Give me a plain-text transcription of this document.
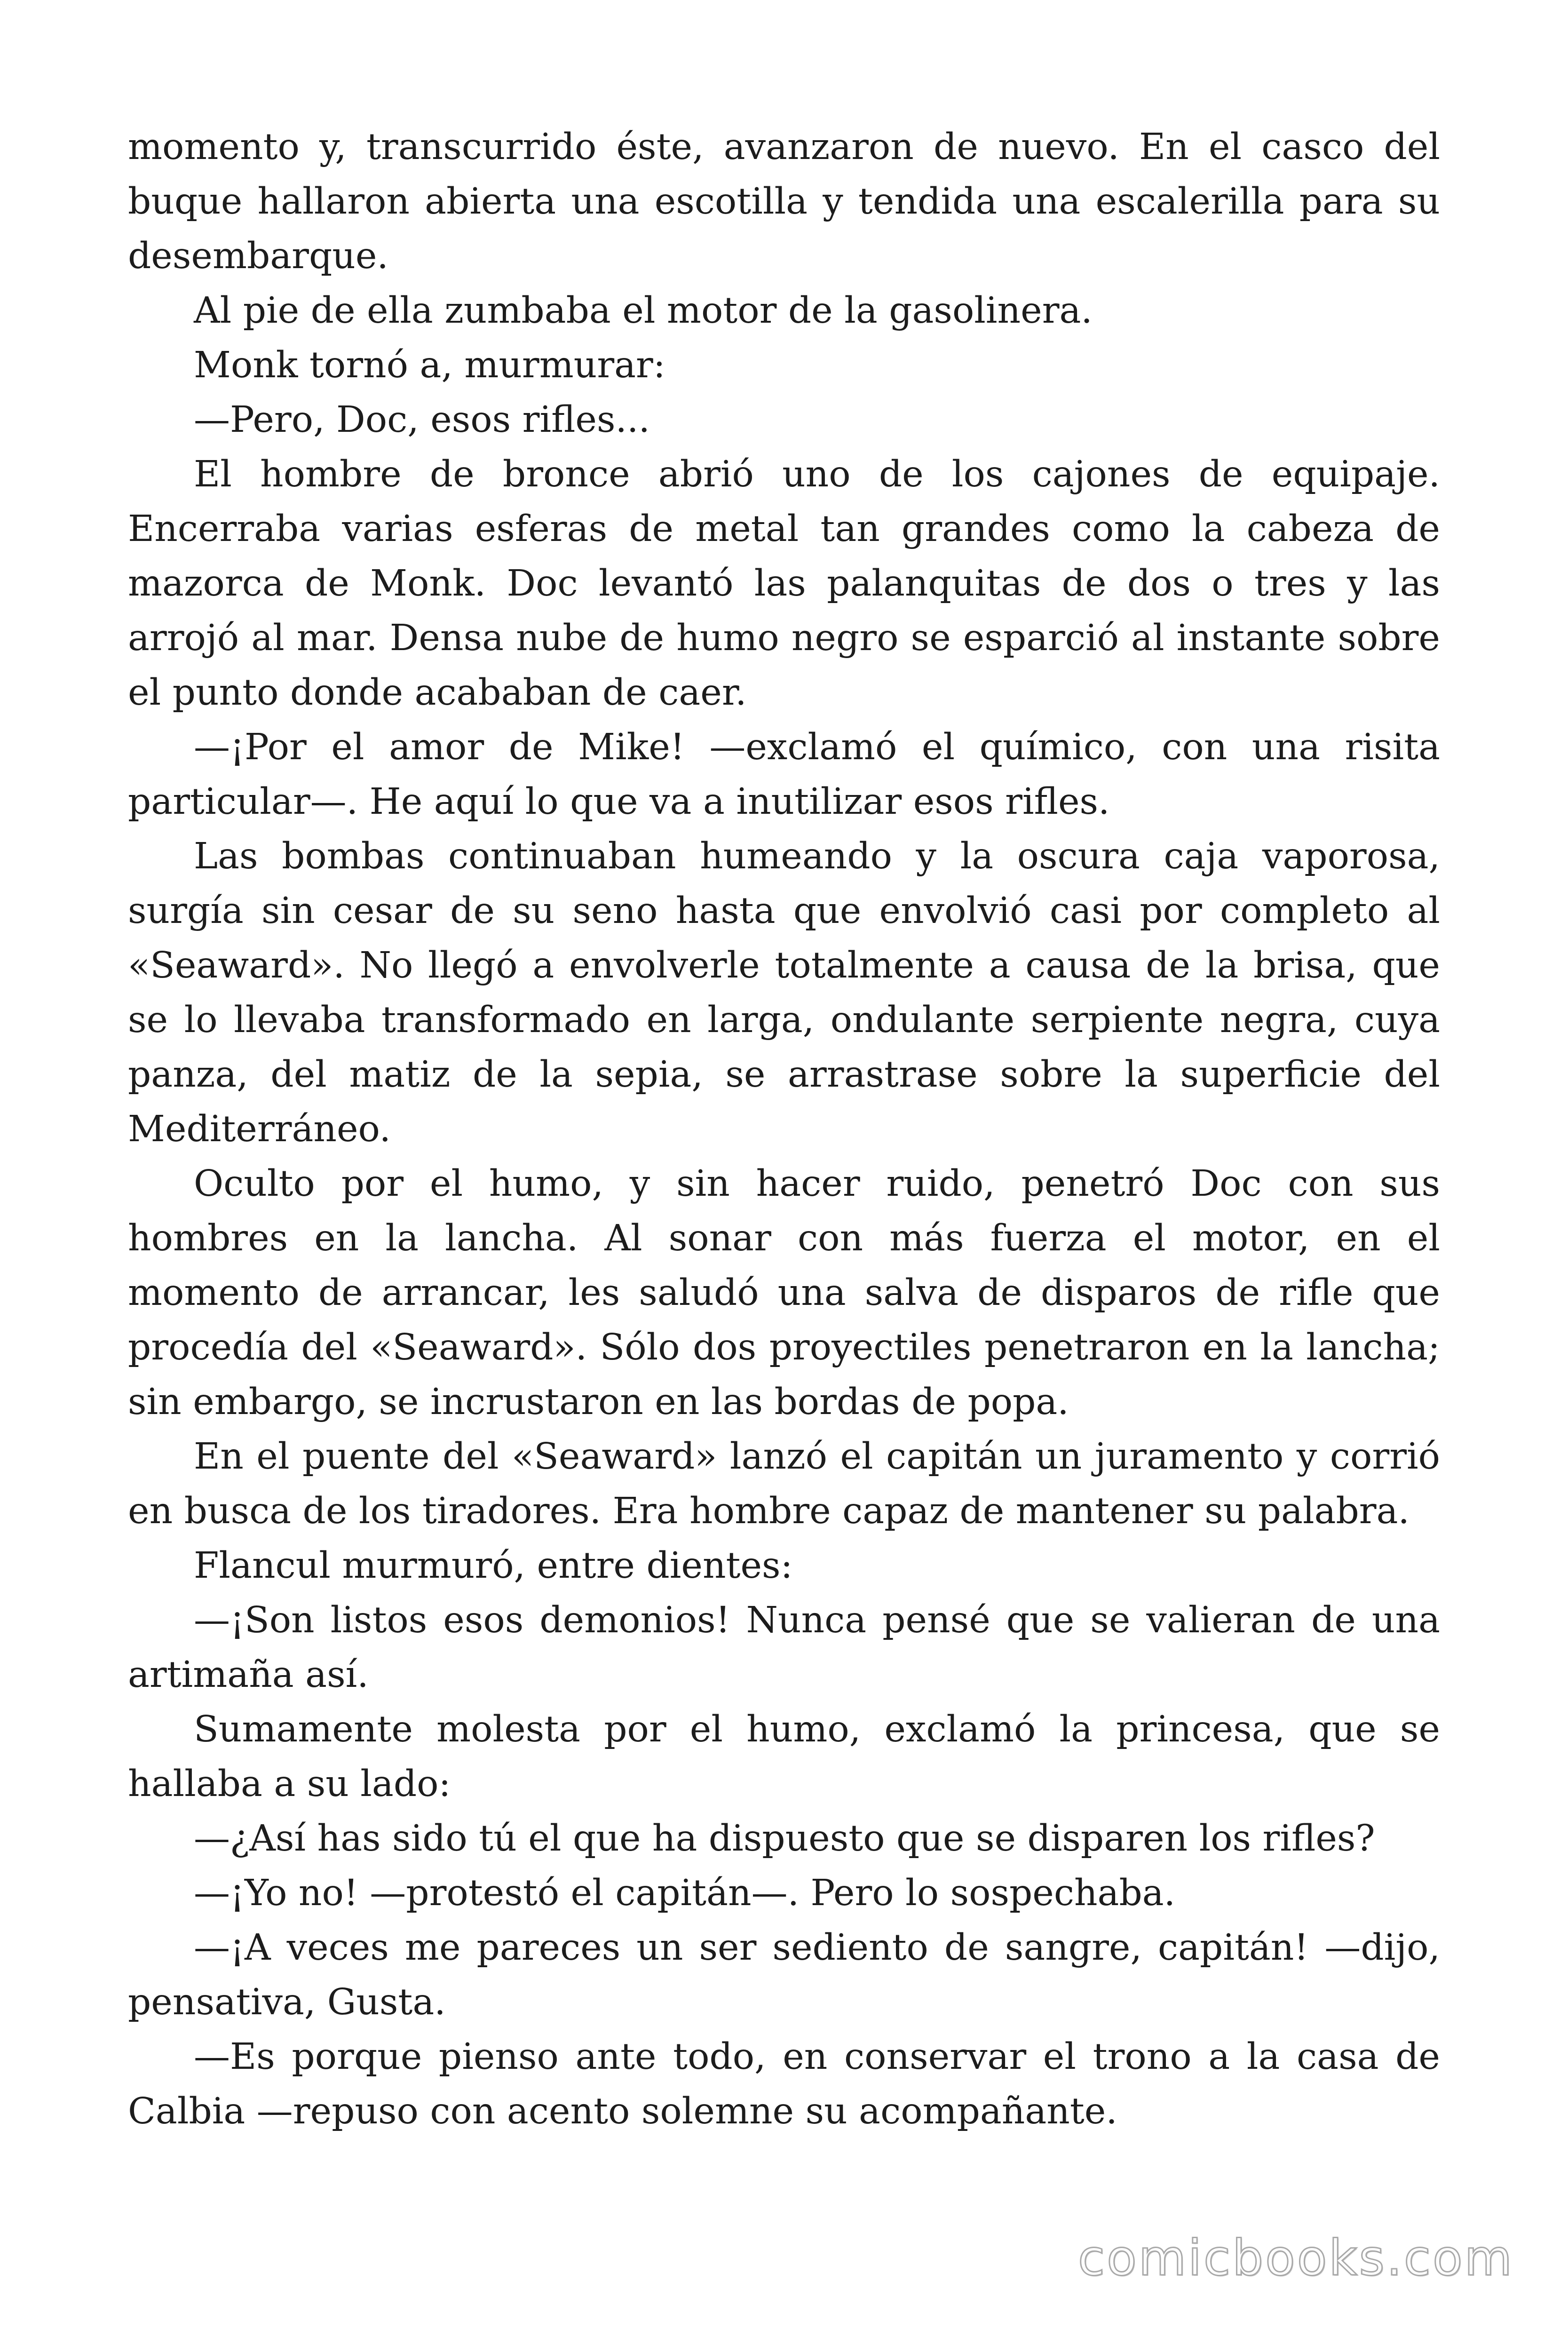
momento y, transcurrido éste, avanzaron de nuevo. En el casco del buque hallaron abierta una escotilla y tendida una escalerilla para su desembarque.

Al pie de ella zumbaba el motor de la gasolinera.

Monk tornó a, murmurar:

—Pero, Doc, esos rifles...

El hombre de bronce abrió uno de los cajones de equipaje. Encerraba varias esferas de metal tan grandes como la cabeza de mazorca de Monk. Doc levantó las palanquitas de dos o tres y las arrojó al mar. Densa nube de humo negro se esparció al instante sobre el punto donde acababan de caer.

—¡Por el amor de Mike! —exclamó el químico, con una risita particular—. He aquí lo que va a inutilizar esos rifles.

Las bombas continuaban humeando y la oscura caja vaporosa, surgía sin cesar de su seno hasta que envolvió casi por completo al «Seaward». No llegó a envolverle totalmente a causa de la brisa, que se lo llevaba transformado en larga, ondulante serpiente negra, cuya panza, del matiz de la sepia, se arrastrase sobre la superficie del Mediterráneo.

Oculto por el humo, y sin hacer ruido, penetró Doc con sus hombres en la lancha. Al sonar con más fuerza el motor, en el momento de arrancar, les saludó una salva de disparos de rifle que procedía del «Seaward». Sólo dos proyectiles penetraron en la lancha; sin embargo, se incrustaron en las bordas de popa.

En el puente del «Seaward» lanzó el capitán un juramento y corrió en busca de los tiradores. Era hombre capaz de mantener su palabra.

Flancul murmuró, entre dientes:

—¡Son listos esos demonios! Nunca pensé que se valieran de una artimaña así.

Sumamente molesta por el humo, exclamó la princesa, que se hallaba a su lado:

—¿Así has sido tú el que ha dispuesto que se disparen los rifles?

—¡Yo no! —protestó el capitán—. Pero lo sospechaba.

—¡A veces me pareces un ser sediento de sangre, capitán! —dijo, pensativa, Gusta.

—Es porque pienso ante todo, en conservar el trono a la casa de Calbia —repuso con acento solemne su acompañante.

comicbooks.com
